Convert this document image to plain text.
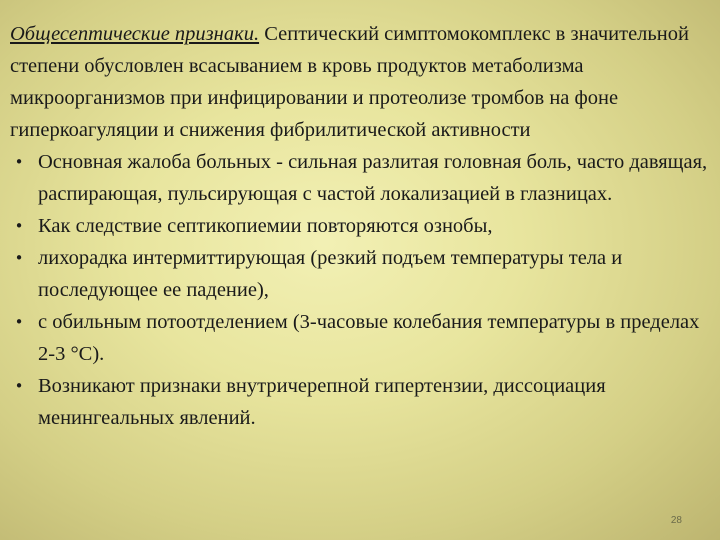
Общесептические признаки. Септический симптомокомплекс в значительной степени обусловлен всасыванием в кровь продуктов метаболизма микроорганизмов при инфицировании и протеолизе тромбов на фоне гиперкоагуляции и снижения фибрилитической активности

• Основная жалоба больных - сильная разлитая головная боль, часто давящая, распирающая, пульсирующая с частой локализацией в глазницах.
• Как следствие септикопиемии повторяются ознобы,
• лихорадка интермиттирующая (резкий подъем температуры тела и последующее ее падение),
• с обильным потоотделением (3-часовые колебания температуры в пределах 2-3 °С).
• Возникают признаки внутричерепной гипертензии, диссоциация менингеальных явлений.
28
